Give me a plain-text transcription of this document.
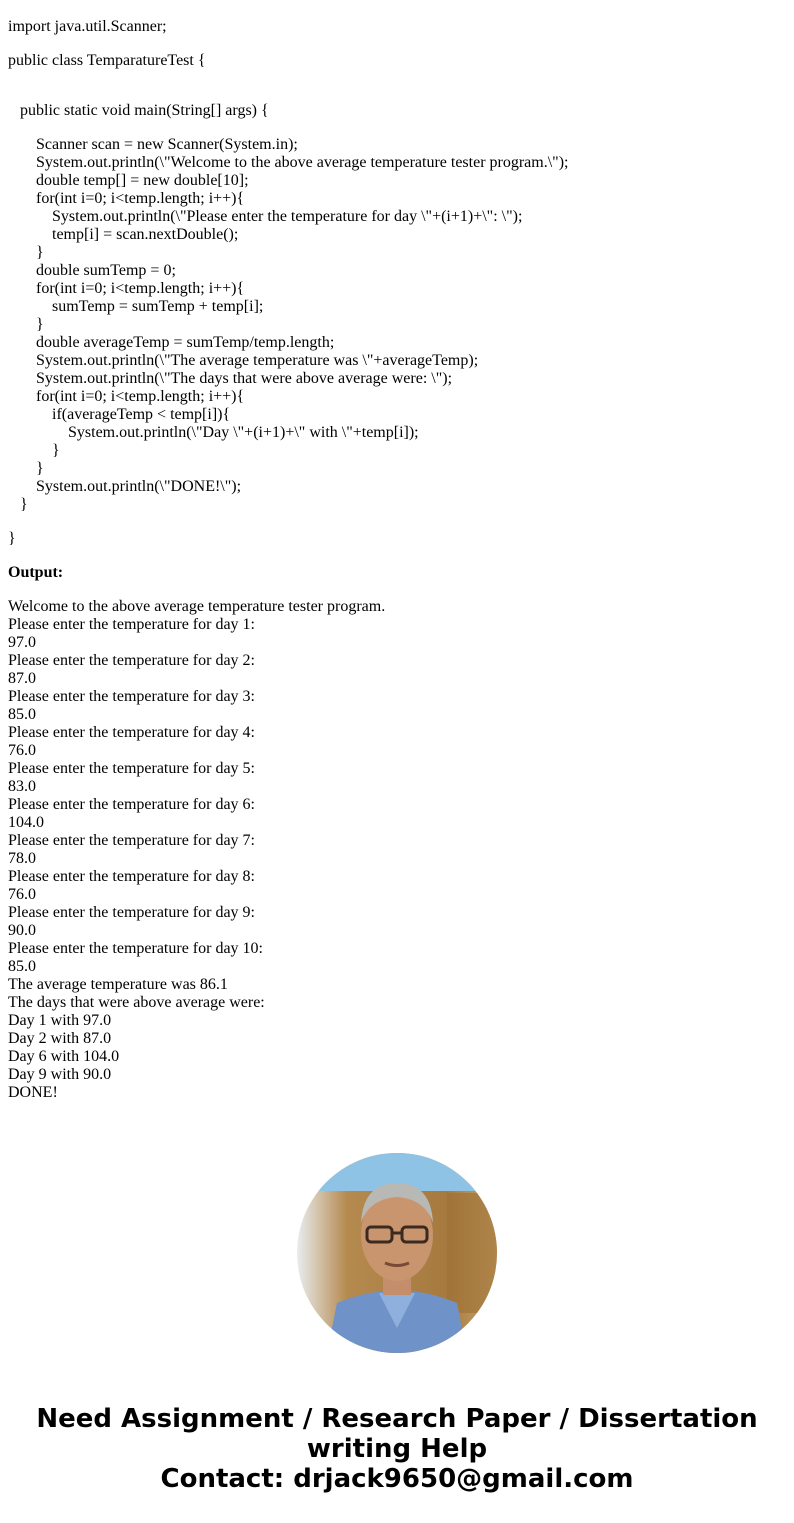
import java.util.Scanner;
public class TemparatureTest {
public static void main(String[] args) {
Scanner scan = new Scanner(System.in);
System.out.println(\"Welcome to the above average temperature tester program.\");
double temp[] = new double[10];
for(int i=0; i<temp.length; i++){
System.out.println(\"Please enter the temperature for day \"+(i+1)+\": \");
temp[i] = scan.nextDouble();
}
double sumTemp = 0;
for(int i=0; i<temp.length; i++){
sumTemp = sumTemp + temp[i];
}
double averageTemp = sumTemp/temp.length;
System.out.println(\"The average temperature was \"+averageTemp);
System.out.println(\"The days that were above average were: \");
for(int i=0; i<temp.length; i++){
if(averageTemp < temp[i]){
System.out.println(\"Day \"+(i+1)+\" with \"+temp[i]);
}
}
System.out.println(\"DONE!\");
}
}
Output:
Welcome to the above average temperature tester program.
Please enter the temperature for day 1:
97.0
Please enter the temperature for day 2:
87.0
Please enter the temperature for day 3:
85.0
Please enter the temperature for day 4:
76.0
Please enter the temperature for day 5:
83.0
Please enter the temperature for day 6:
104.0
Please enter the temperature for day 7:
78.0
Please enter the temperature for day 8:
76.0
Please enter the temperature for day 9:
90.0
Please enter the temperature for day 10:
85.0
The average temperature was 86.1
The days that were above average were:
Day 1 with 97.0
Day 2 with 87.0
Day 6 with 104.0
Day 9 with 90.0
DONE!
Need Assignment / Research Paper / Dissertation
writing Help
Contact: drjack9650@gmail.com
